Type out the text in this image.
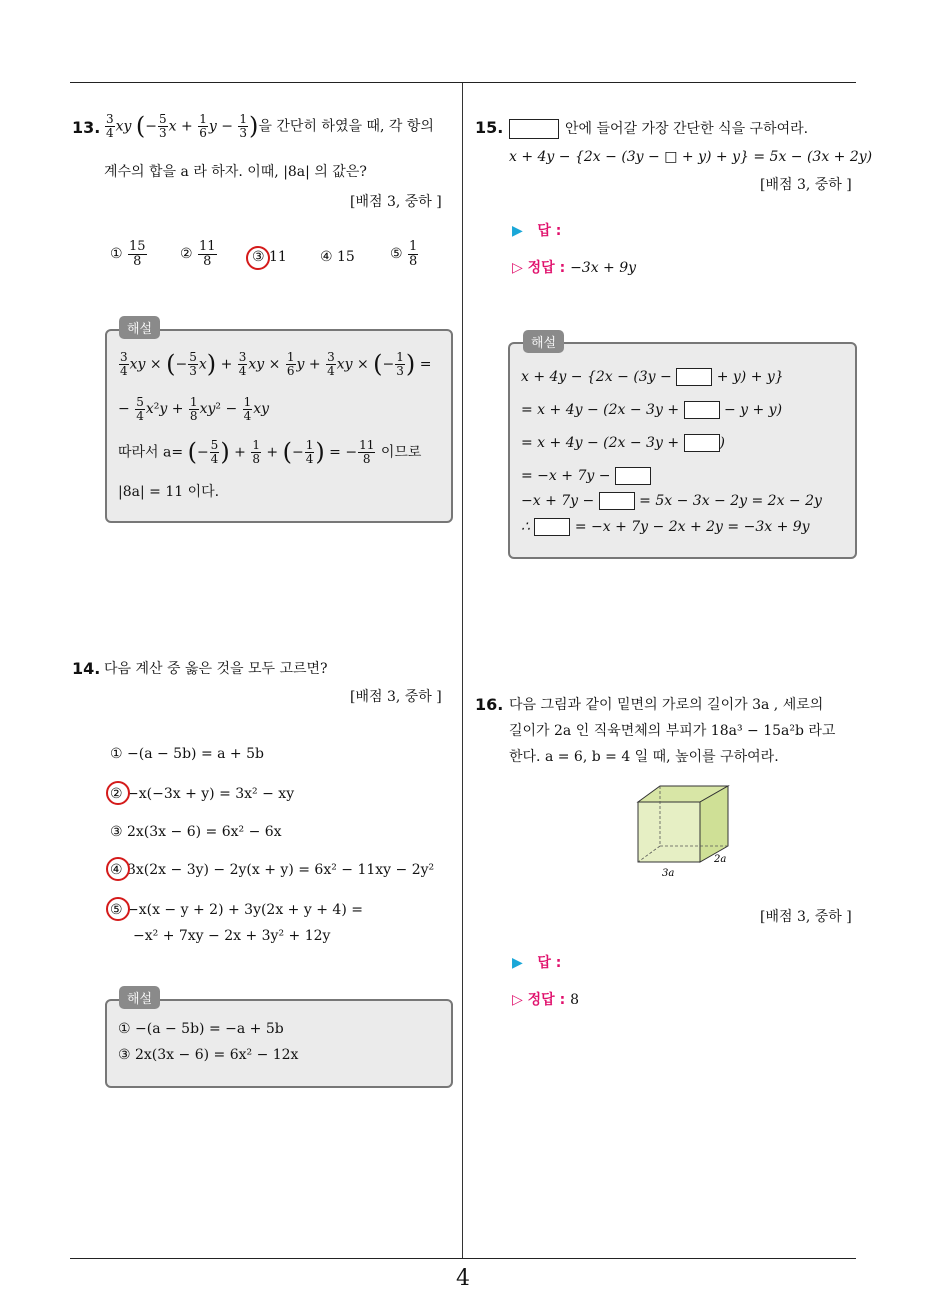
4
13. $\frac{3}{4}$ xy (− $\frac{5}{3}$ $x + \frac{1}{6}$ $y - \frac{1}{3}$ )을 간단히 하였을 때, 각 항의
계수의 합을 a 라 하자. 이때, |8a| 의 값은?
[배점 3, 중하 ]
① $\frac{15}{8}$ ② $\frac{11}{8}$	③ 11 ④ 15	⑤ $\frac{1}{8}$
해설
$\frac{3}{4}$ xy × (− $\frac{5}{3} x) + \frac{3}{4}$ xy × $\frac{1}{6}$ $y + \frac{3}{4}$ xy × (− $\frac{1}{3}$ ) =
− $\frac{5}{4} x^2y + \frac{1}{8} xy^2 - \frac{1}{4}$ xy
따라서 a= (− $\frac{5}{4}$ ) + $\frac{1}{8}$ + (− $\frac{1}{4}$ ) = − $\frac{11}{8}$ 이므로
|8a| = 11 이다.
14. 다음 계산 중 옳은 것을 모두 고르면?
[배점 3, 중하 ]
① −(a − 5b) = a + 5b
② −x(−3x + y) = 3x² − xy
③ 2x(3x − 6) = 6x² − 6x
④ 3x(2x − 3y) − 2y(x + y) = 6x² − 11xy − 2y²
⑤ −x(x − y + 2) + 3y(2x + y + 4) =
−x² + 7xy − 2x + 3y² + 12y
해설
① −(a − 5b) = −a + 5b
③ 2x(3x − 6) = 6x² − 12x
15.	안에 들어갈 가장 간단한 식을 구하여라.
x + 4y − {2x − (3y − □ + y) + y} = 5x − (3x + 2y)
[배점 3, 중하 ]
▶ 답 :
▷ 정답 : −3x + 9y
해설
x + 4y − {2x − (3y −	+ y) + y}
= x + 4y − (2x − 3y +	− y + y)
= x + 4y − (2x − 3y +	)
= −x + 7y −
−x + 7y −	= 5x − 3x − 2y = 2x − 2y
∴	= −x + 7y − 2x + 2y = −3x + 9y
16. 다음 그림과 같이 밑면의 가로의 길이가 3a , 세로의
길이가 2a 인 직육면체의 부피가 18a³ − 15a²b 라고
한다. a = 6, b = 4 일 때, 높이를 구하여라.
3a
2a
[배점 3, 중하 ]
▶ 답 :
▷ 정답 : 8
